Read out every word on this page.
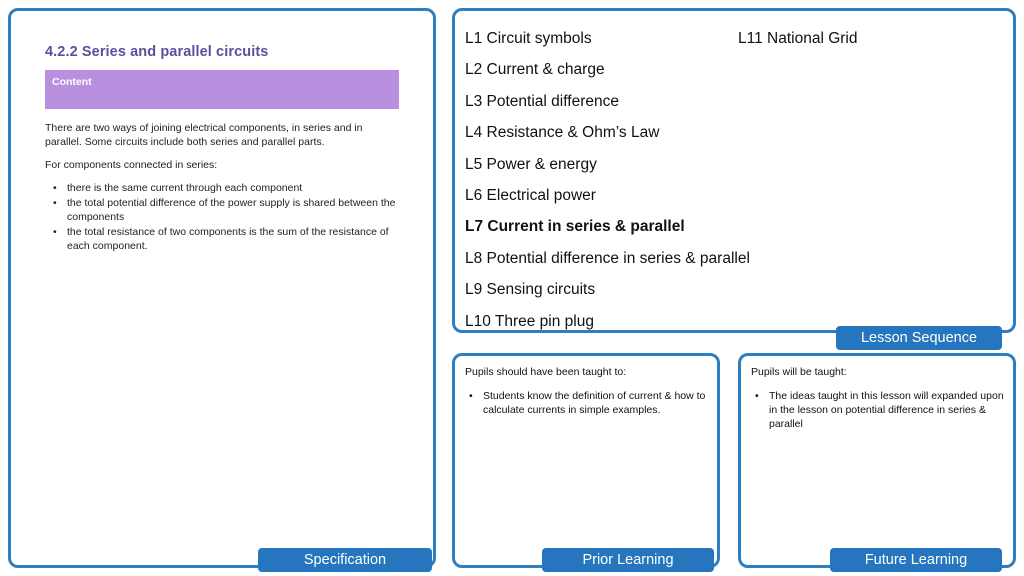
4.2.2 Series and parallel circuits
Content

There are two ways of joining electrical components, in series and in parallel. Some circuits include both series and parallel parts.

For components connected in series:

• there is the same current through each component
• the total potential difference of the power supply is shared between the components
• the total resistance of two components is the sum of the resistance of each component.
Specification
L1 Circuit symbols
L2 Current & charge
L3 Potential difference
L4 Resistance & Ohm’s Law
L5 Power & energy
L6 Electrical power
L7 Current in series & parallel
L8 Potential difference in series & parallel
L9 Sensing circuits
L10 Three pin plug
L11 National Grid
Lesson Sequence
Pupils should have been taught to:
• Students know the definition of current & how to calculate currents in simple examples.
Prior Learning
Pupils will be taught:
• The ideas taught in this lesson will expanded upon in the lesson on potential difference in series & parallel
Future Learning
